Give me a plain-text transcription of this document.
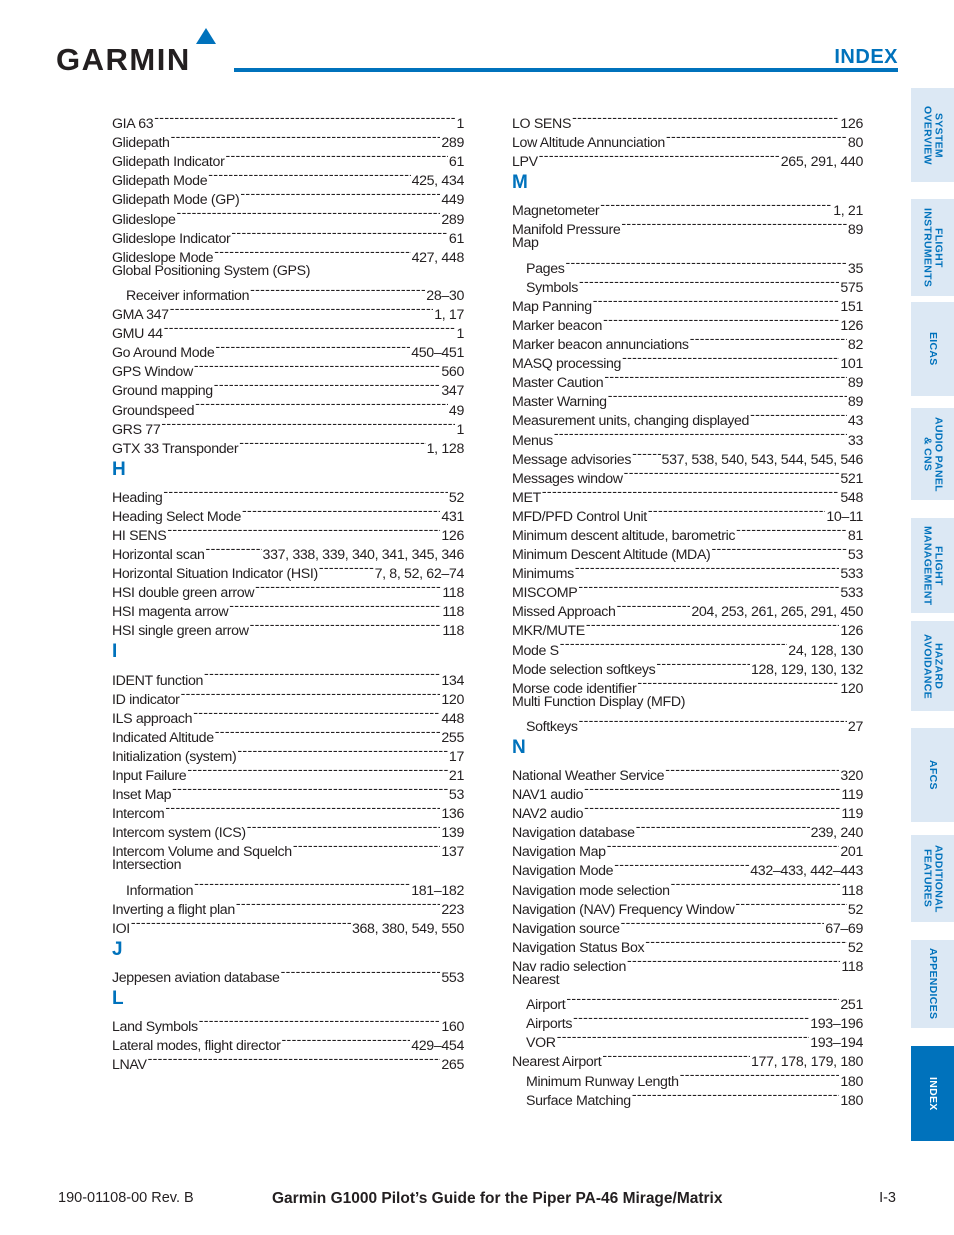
GARMIN	INDEX
GIA 63 -----	1
Glidepath -----	289
Glidepath Indicator -----	61
Glidepath Mode -----	425, 434
Glidepath Mode (GP) -----	449
Glideslope -----	289
Glideslope Indicator -----	61
Glideslope Mode -----	427, 448
Global Positioning System (GPS)
Receiver information -----	28–30
GMA 347 -----	1, 17
GMU 44 -----	1
Go Around Mode -----	450–451
GPS Window -----	560
Ground mapping -----	347
Groundspeed -----	49
GRS 77 -----	1
GTX 33 Transponder -----	1, 128
H
Heading -----	52
Heading Select Mode -----	431
HI SENS -----	126
Horizontal scan -----	337, 338, 339, 340, 341, 345, 346
Horizontal Situation Indicator (HSI) -----	7, 8, 52, 62–74
HSI double green arrow -----	118
HSI magenta arrow -----	118
HSI single green arrow -----	118
I
IDENT function -----	134
ID indicator -----	120
ILS approach -----	448
Indicated Altitude -----	255
Initialization (system) -----	17
Input Failure -----	21
Inset Map -----	53
Intercom -----	136
Intercom system (ICS) -----	139
Intercom Volume and Squelch -----	137
Intersection
Information -----	181–182
Inverting a flight plan -----	223
IOI -----	368, 380, 549, 550
J
Jeppesen aviation database -----	553
L
Land Symbols -----	160
Lateral modes, flight director -----	429–454
LNAV -----	265
LO SENS -----	126
Low Altitude Annunciation -----	80
LPV -----	265, 291, 440
M
Magnetometer -----	1, 21
Manifold Pressure -----	89
Map
Pages -----	35
Symbols -----	575
Map Panning -----	151
Marker beacon -----	126
Marker beacon annunciations -----	82
MASQ processing -----	101
Master Caution -----	89
Master Warning -----	89
Measurement units, changing displayed -----	43
Menus -----	33
Message advisories ----- 537, 538, 540, 543, 544, 545, 546
Messages window -----	521
MET -----	548
MFD/PFD Control Unit -----	10–11
Minimum descent altitude, barometric -----	81
Minimum Descent Altitude (MDA) -----	53
Minimums -----	533
MISCOMP -----	533
Missed Approach -----	204, 253, 261, 265, 291, 450
MKR/MUTE -----	126
Mode S -----	24, 128, 130
Mode selection softkeys -----	128, 129, 130, 132
Morse code identifier -----	120
Multi Function Display (MFD)
Softkeys -----	27
N
National Weather Service -----	320
NAV1 audio -----	119
NAV2 audio -----	119
Navigation database -----	239, 240
Navigation Map -----	201
Navigation Mode -----	432–433, 442–443
Navigation mode selection -----	118
Navigation (NAV) Frequency Window -----	52
Navigation source -----	67–69
Navigation Status Box -----	52
Nav radio selection -----	118
Nearest
Airport -----	251
Airports -----	193–196
VOR -----	193–194
Nearest Airport -----	177, 178, 179, 180
Minimum Runway Length -----	180
Surface Matching -----	180
SYSTEM
OVERVIEW
FLIGHT
INSTRUMENTS
EICAS
AUDIO PANEL
& CNS
FLIGHT
MANAGEMENT
HAZARD
AVOIDANCE
AFCS
ADDITIONAL
FEATURES
APPENDICES
INDEX
190-01108-00 Rev. B	Garmin G1000 Pilot’s Guide for the Piper PA-46 Mirage/Matrix	I-3
